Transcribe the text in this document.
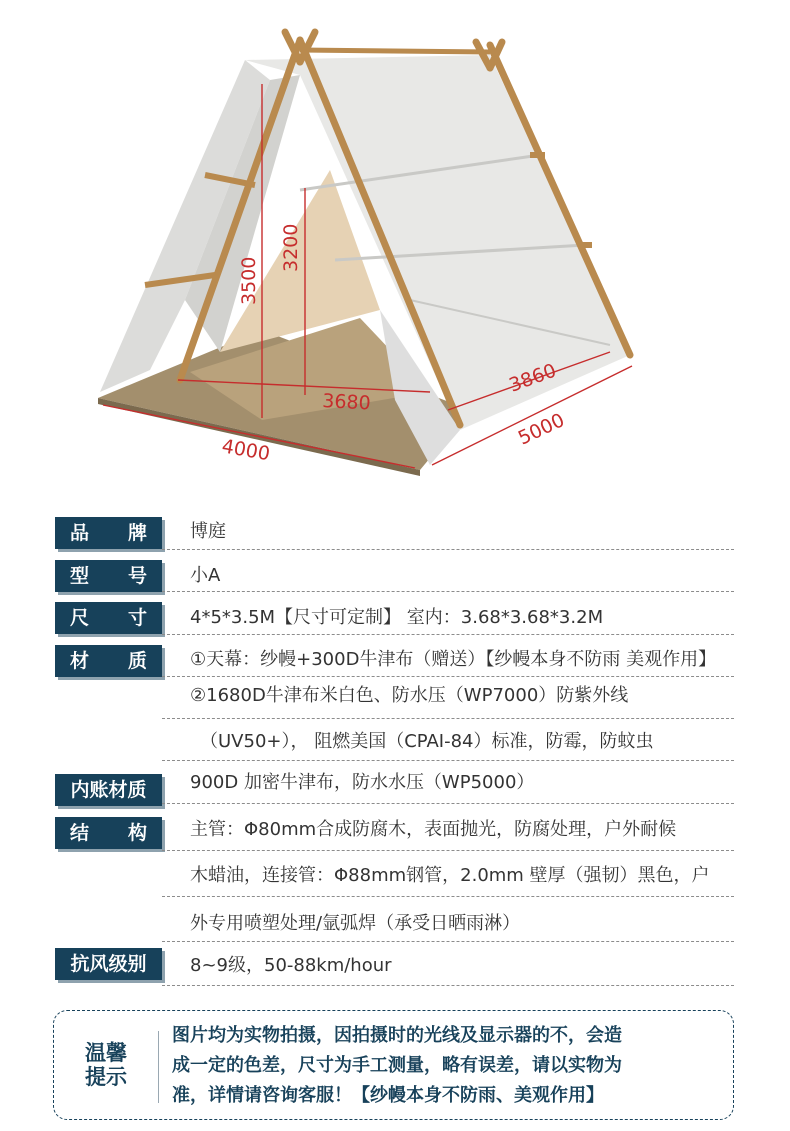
4000
5000
3680
3860
3500
3200
品　牌 博庭
型　号 小A
尺　寸 4*5*3.5M【尺寸可定制】 室内：3.68*3.68*3.2M
材　质 ①天幕：纱幔+300D牛津布（赠送）【纱幔本身不防雨 美观作用】
②1680D牛津布米白色、防水压（WP7000）防紫外线
（UV50+）， 阻燃美国（CPAI-84）标准，防霉，防蚊虫
内账材质	900D 加密牛津布，防水水压（WP5000）
结　构 主管：Φ80mm合成防腐木，表面抛光，防腐处理，户外耐候
木蜡油，连接管：Φ88mm钢管，2.0mm 壁厚（强韧）黑色，户
外专用喷塑处理/氩弧焊（承受日晒雨淋）
抗风级别	8~9级，50-88km/hour
温馨
提示
图片均为实物拍摄，因拍摄时的光线及显示器的不，会造
成一定的色差，尺寸为手工测量，略有误差，请以实物为
准，详情请咨询客服！【纱幔本身不防雨、美观作用】
